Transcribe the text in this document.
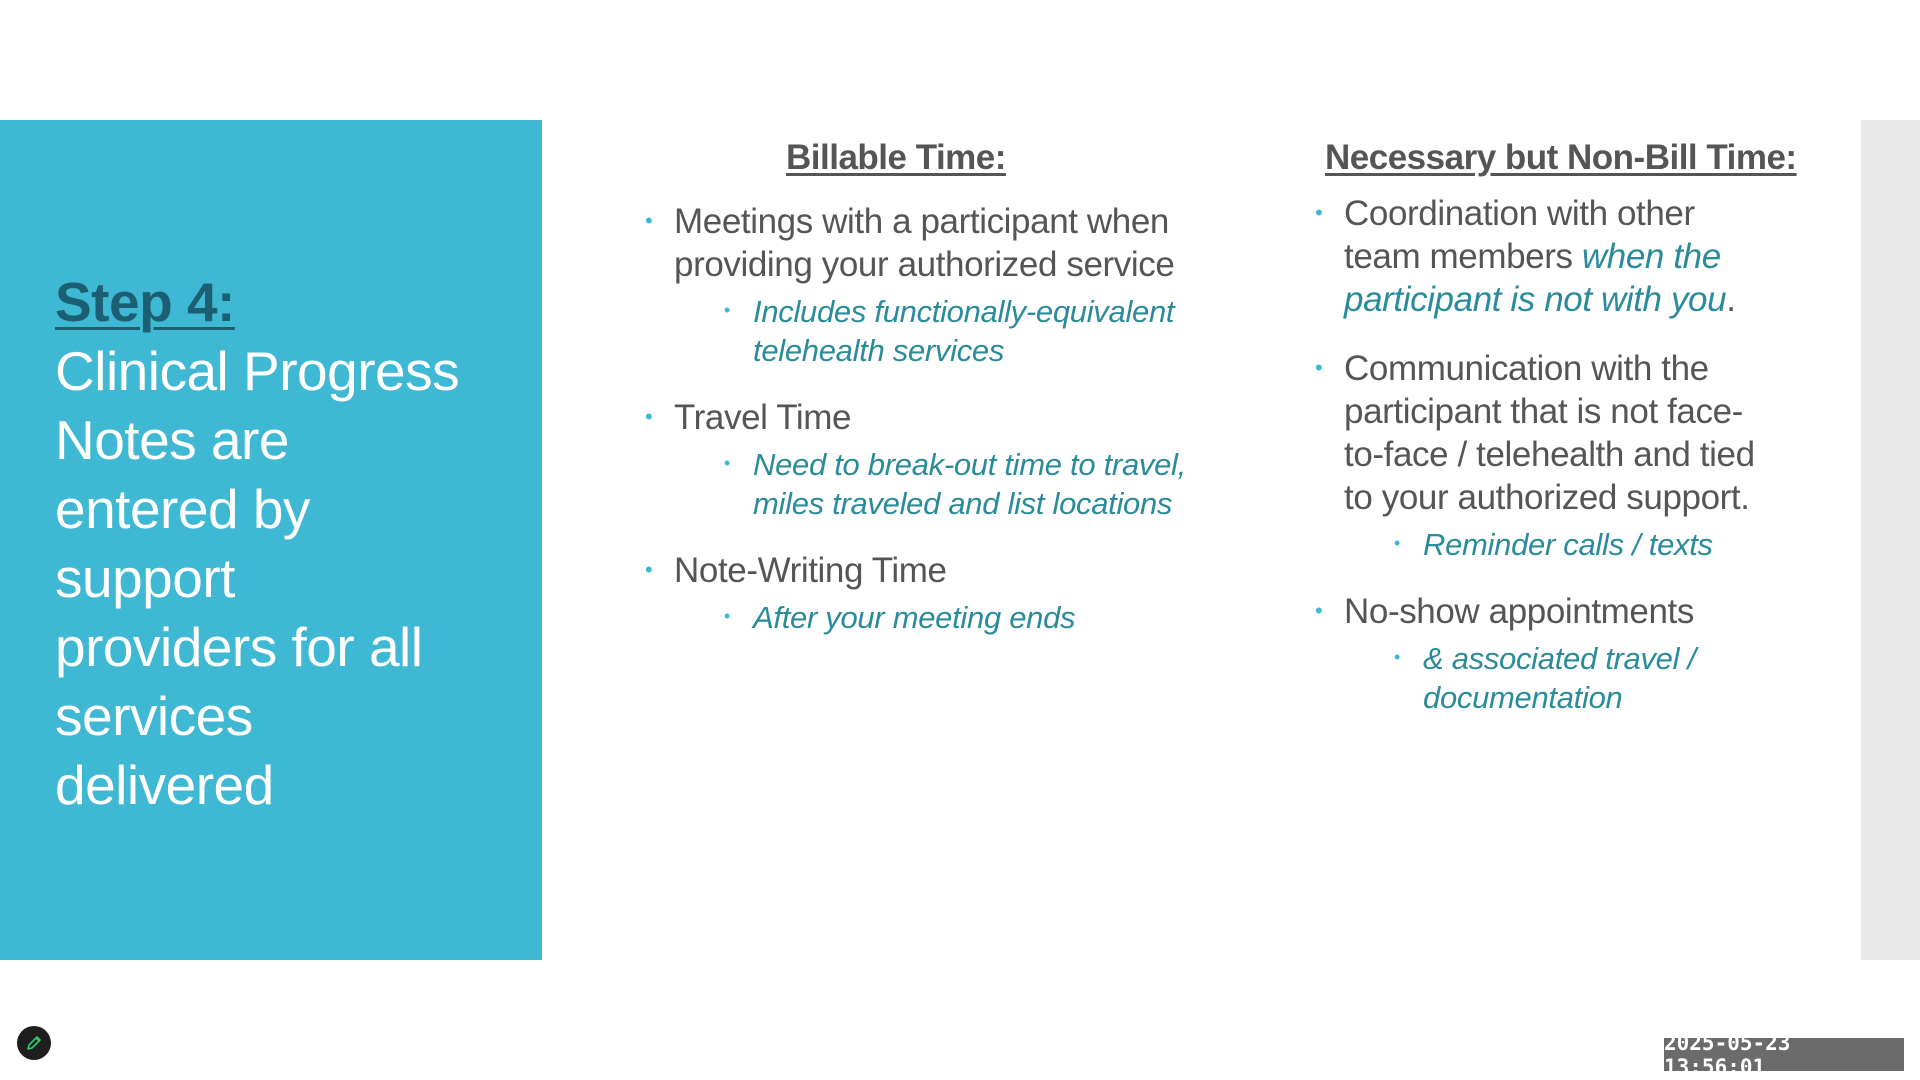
Step 4:
Clinical Progress
Notes are
entered by
support
providers for all
services
delivered
Billable Time:
• Meetings with a participant when
providing your authorized service
• Includes functionally-equivalent
telehealth services
• Travel Time
• Need to break-out time to travel,
miles traveled and list locations
• Note-Writing Time
• After your meeting ends
Necessary but Non-Bill Time:
• Coordination with other
team members when the
participant is not with you.
• Communication with the
participant that is not face-
to-face / telehealth and tied
to your authorized support.
• Reminder calls / texts
• No-show appointments
• & associated travel /
documentation
2025-05-23 13:56:01
